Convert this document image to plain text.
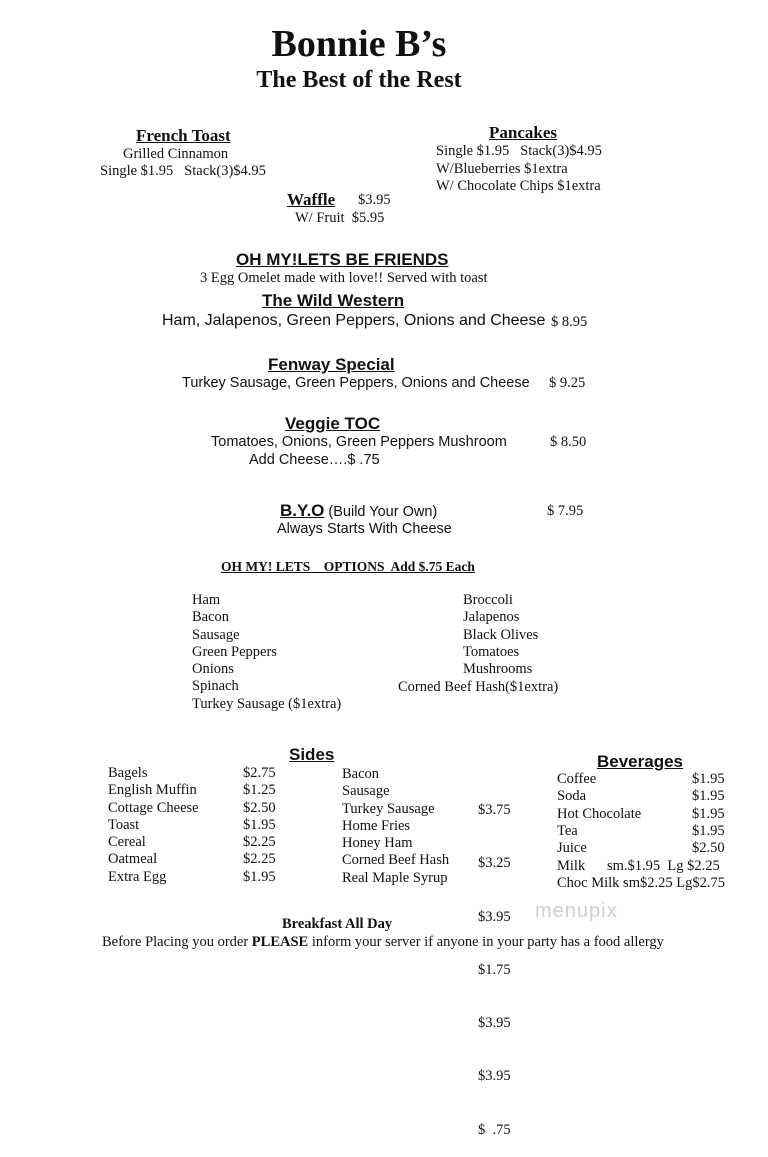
Bonnie B’s
The Best of the Rest
French Toast
Grilled Cinnamon
Single $1.95   Stack(3)$4.95
Pancakes
Single $1.95   Stack(3)$4.95
W/Blueberries $1extra
W/ Chocolate Chips $1extra
Waffle	$3.95
W/ Fruit  $5.95
OH MY!LETS BE FRIENDS
3 Egg Omelet made with love!! Served with toast
The Wild Western
Ham, Jalapenos, Green Peppers, Onions and Cheese $ 8.95
Fenway Special
Turkey Sausage, Green Peppers, Onions and Cheese $ 9.25
Veggie TOC
Tomatoes, Onions, Green Peppers Mushroom
Add Cheese….$ .75
$ 8.50
B.Y.O (Build Your Own)
Always Starts With Cheese
$ 7.95
OH MY! LETS    OPTIONS  Add $.75 Each
Ham
Bacon
Sausage
Green Peppers
Onions
Spinach
Turkey Sausage ($1extra)
Broccoli
Jalapenos
Black Olives
Tomatoes
Mushrooms
Corned Beef Hash($1extra)
Sides
Bagels
English Muffin
Cottage Cheese
Toast
Cereal
Oatmeal
Extra Egg
$2.75
$1.25
$2.50
$1.95
$2.25
$2.25
$1.95
Bacon
Sausage
Turkey Sausage
Home Fries
Honey Ham
Corned Beef Hash
Real Maple Syrup

$3.75

$3.25

$3.95

$1.75

$3.95

$3.95

$  .75

Beverages
Coffee
Soda
Hot Chocolate
Tea
Juice
$1.95
$1.95
$1.95
$1.95
$2.50
Milk      sm.$1.95  Lg $2.25
Choc Milk sm$2.25 Lg$2.75
menupix
Breakfast All Day
Before Placing you order PLEASE inform your server if anyone in your party has a food allergy
